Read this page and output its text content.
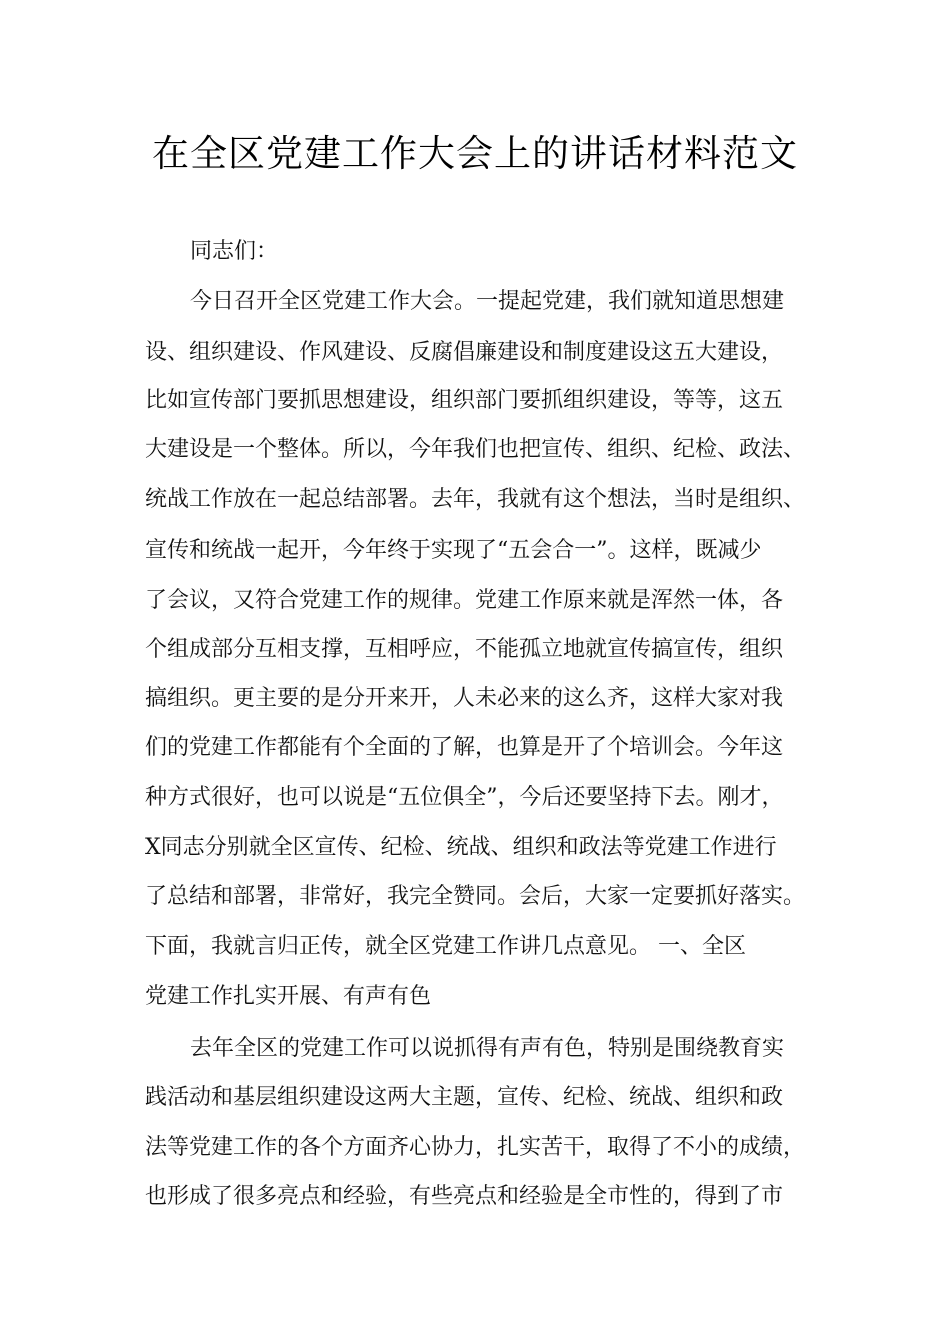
在全区党建工作大会上的讲话材料范文

同志们：

今日召开全区党建工作大会。一提起党建，我们就知道思想建

设、组织建设、作风建设、反腐倡廉建设和制度建设这五大建设，

比如宣传部门要抓思想建设，组织部门要抓组织建设，等等，这五

大建设是一个整体。所以，今年我们也把宣传、组织、纪检、政法、

统战工作放在一起总结部署。去年，我就有这个想法，当时是组织、

宣传和统战一起开，今年终于实现了“五会合一”。这样，既减少

了会议，又符合党建工作的规律。党建工作原来就是浑然一体，各

个组成部分互相支撑，互相呼应，不能孤立地就宣传搞宣传，组织

搞组织。更主要的是分开来开，人未必来的这么齐，这样大家对我

们的党建工作都能有个全面的了解，也算是开了个培训会。今年这

种方式很好，也可以说是“五位俱全”，今后还要坚持下去。刚才，

X同志分别就全区宣传、纪检、统战、组织和政法等党建工作进行

了总结和部署，非常好，我完全赞同。会后，大家一定要抓好落实。

下面，我就言归正传，就全区党建工作讲几点意见。 一、全区

党建工作扎实开展、有声有色

去年全区的党建工作可以说抓得有声有色，特别是围绕教育实

践活动和基层组织建设这两大主题，宣传、纪检、统战、组织和政

法等党建工作的各个方面齐心协力，扎实苦干，取得了不小的成绩，

也形成了很多亮点和经验，有些亮点和经验是全市性的，得到了市
